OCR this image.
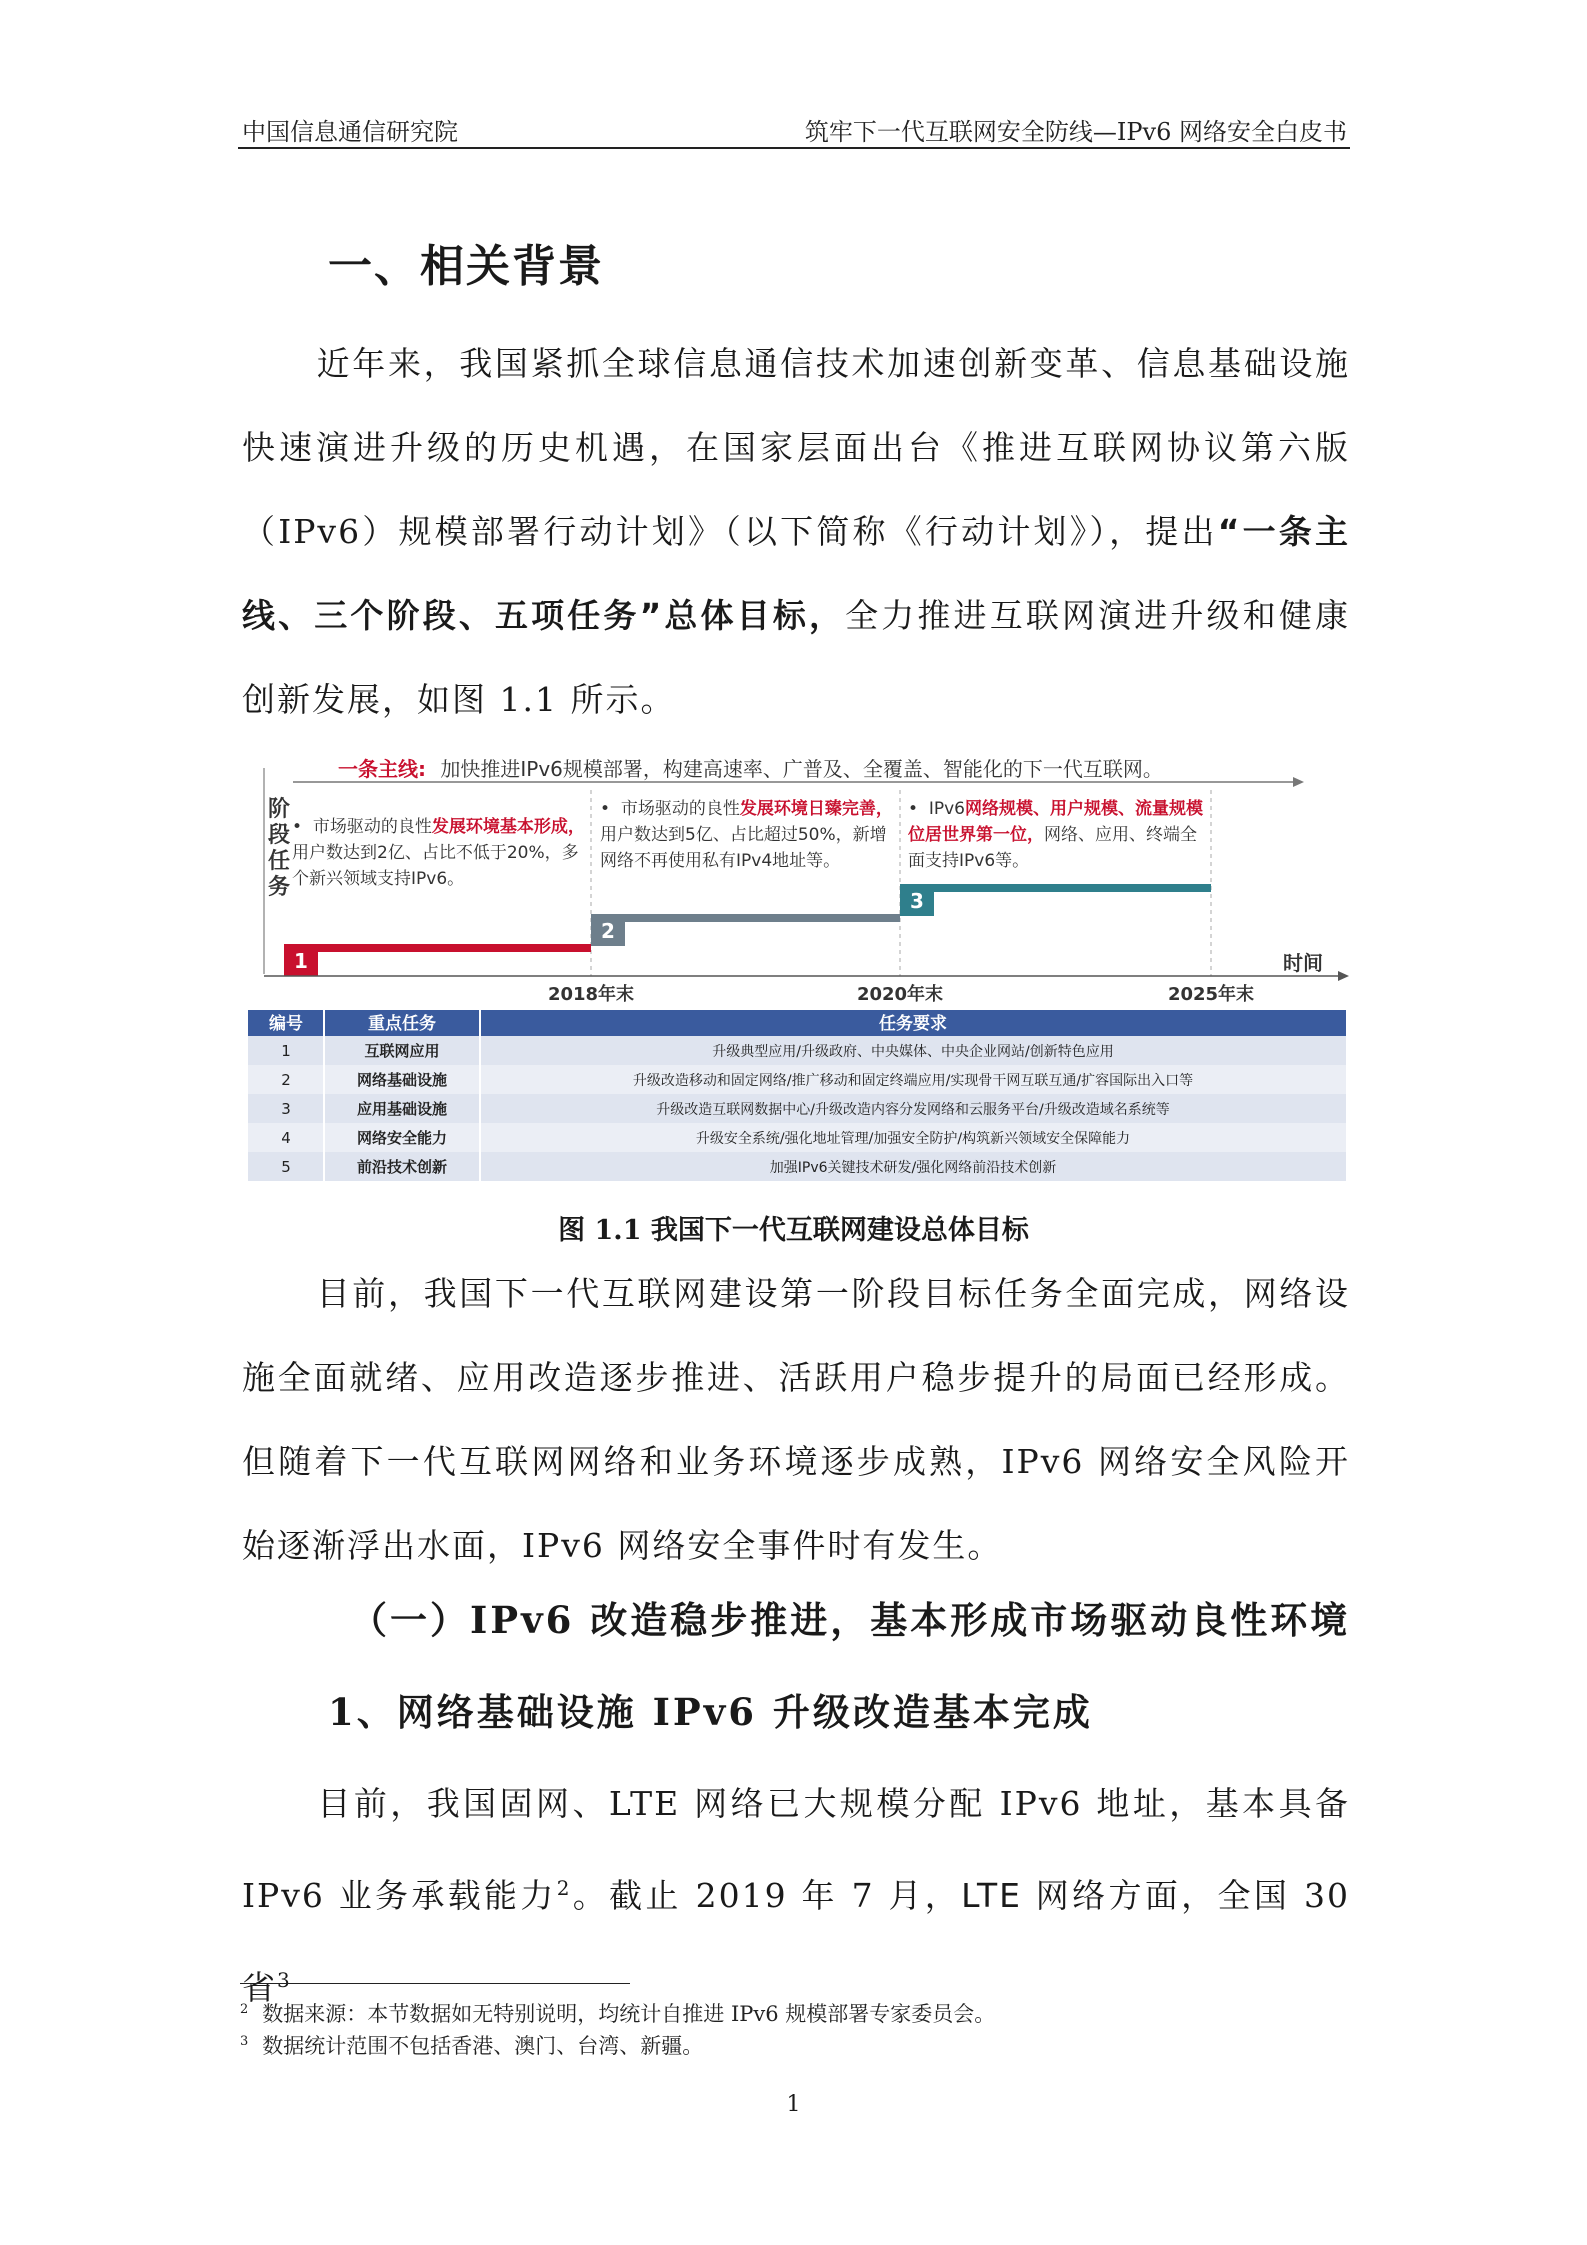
中国信息通信研究院	筑牢下一代互联网安全防线—IPv6 网络安全白皮书
一、相关背景
近年来，我国紧抓全球信息通信技术加速创新变革、信息基础设施快速演进升级的历史机遇，在国家层面出台《推进互联网协议第六版（IPv6）规模部署行动计划》（以下简称《行动计划》），提出“一条主线、三个阶段、五项任务”总体目标，全力推进互联网演进升级和健康创新发展，如图 1.1 所示。
一条主线: 加快推进IPv6规模部署，构建高速率、广普及、全覆盖、智能化的下一代互联网。
阶
段
任
务
1
2
3
•  市场驱动的良性发展环境基本形成，用户数达到2亿、占比不低于20%，多个新兴领域支持IPv6。
•  市场驱动的良性发展环境日臻完善，用户数达到5亿、占比超过50%，新增网络不再使用私有IPv4地址等。
•  IPv6网络规模、用户规模、流量规模位居世界第一位，网络、应用、终端全面支持IPv6等。
时间
2018年末	2020年末	2025年末
编号	重点任务	任务要求
1	互联网应用	升级典型应用/升级政府、中央媒体、中央企业网站/创新特色应用
2	网络基础设施	升级改造移动和固定网络/推广移动和固定终端应用/实现骨干网互联互通/扩容国际出入口等
3	应用基础设施	升级改造互联网数据中心/升级改造内容分发网络和云服务平台/升级改造域名系统等
4	网络安全能力	升级安全系统/强化地址管理/加强安全防护/构筑新兴领域安全保障能力
5	前沿技术创新	加强IPv6关键技术研发/强化网络前沿技术创新
图 1.1 我国下一代互联网建设总体目标
目前，我国下一代互联网建设第一阶段目标任务全面完成，网络设施全面就绪、应用改造逐步推进、活跃用户稳步提升的局面已经形成。但随着下一代互联网网络和业务环境逐步成熟，IPv6 网络安全风险开始逐渐浮出水面，IPv6 网络安全事件时有发生。
（一）IPv6 改造稳步推进，基本形成市场驱动良性环境
1、网络基础设施 IPv6 升级改造基本完成
目前，我国固网、LTE 网络已大规模分配 IPv6 地址，基本具备 IPv6 业务承载能力$^2$。截止 2019 年 7 月，LTE 网络方面，全国 30 省$^3$
$^2$ 数据来源：本节数据如无特别说明，均统计自推进 IPv6 规模部署专家委员会。
$^3$ 数据统计范围不包括香港、澳门、台湾、新疆。
1
